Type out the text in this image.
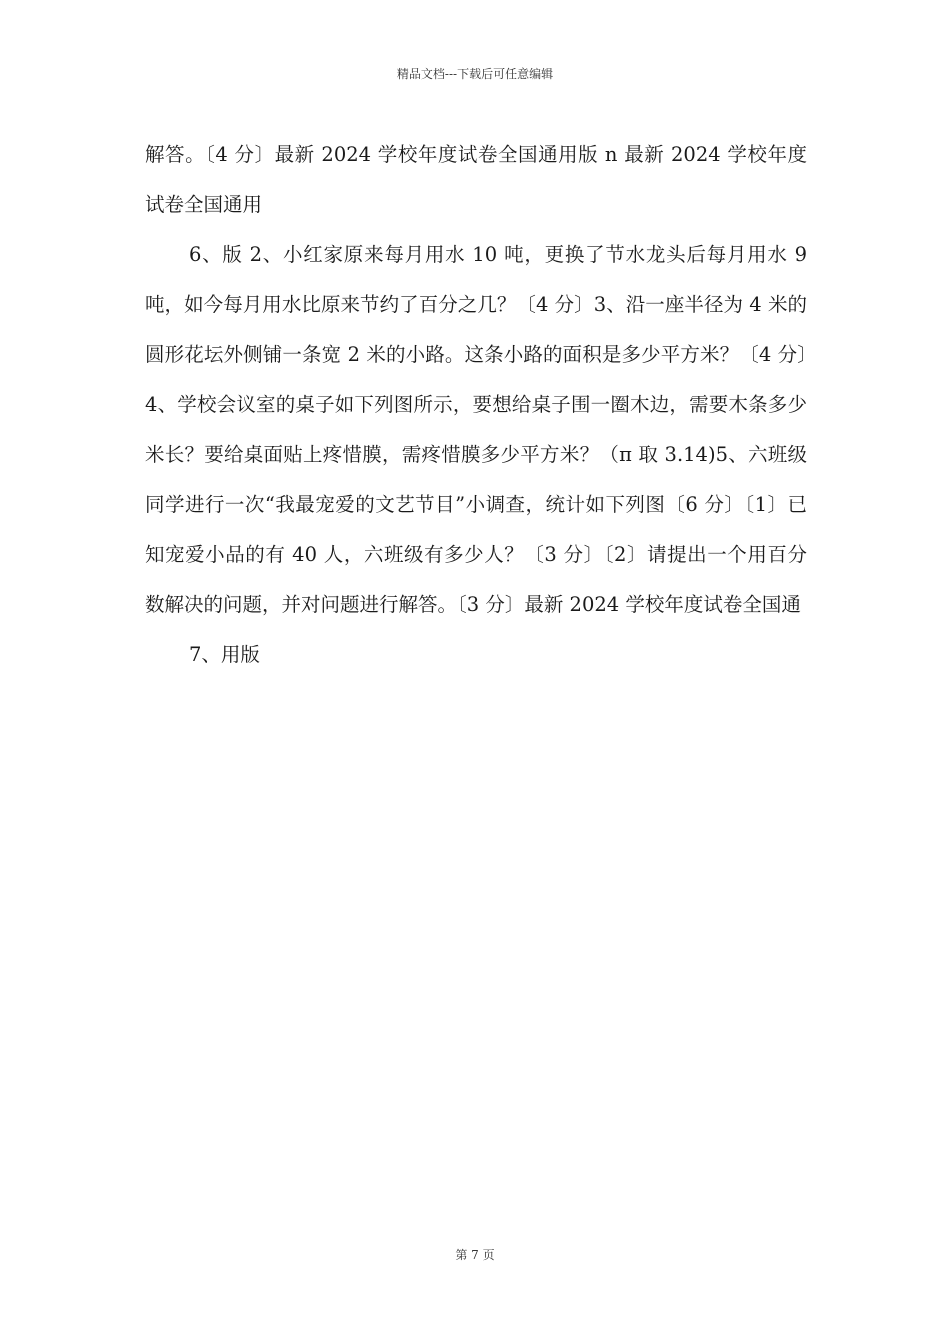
精品文档---下载后可任意编辑

解答。〔4 分〕最新 2024 学校年度试卷全国通用版 n 最新 2024 学校年度试卷全国通用

6、版 2、小红家原来每月用水 10 吨，更换了节水龙头后每月用水 9 吨，如今每月用水比原来节约了百分之几？〔4 分〕3、沿一座半径为 4 米的圆形花坛外侧铺一条宽 2 米的小路。这条小路的面积是多少平方米？〔4 分〕4、学校会议室的桌子如下列图所示，要想给桌子围一圈木边，需要木条多少米长？要给桌面贴上疼惜膜，需疼惜膜多少平方米？（π 取 3.14)5、六班级同学进行一次“我最宠爱的文艺节目”小调查，统计如下列图〔6 分〕〔1〕已知宠爱小品的有 40 人，六班级有多少人？〔3 分〕〔2〕请提出一个用百分数解决的问题，并对问题进行解答。〔3 分〕最新 2024 学校年度试卷全国通

7、用版

第 7 页
